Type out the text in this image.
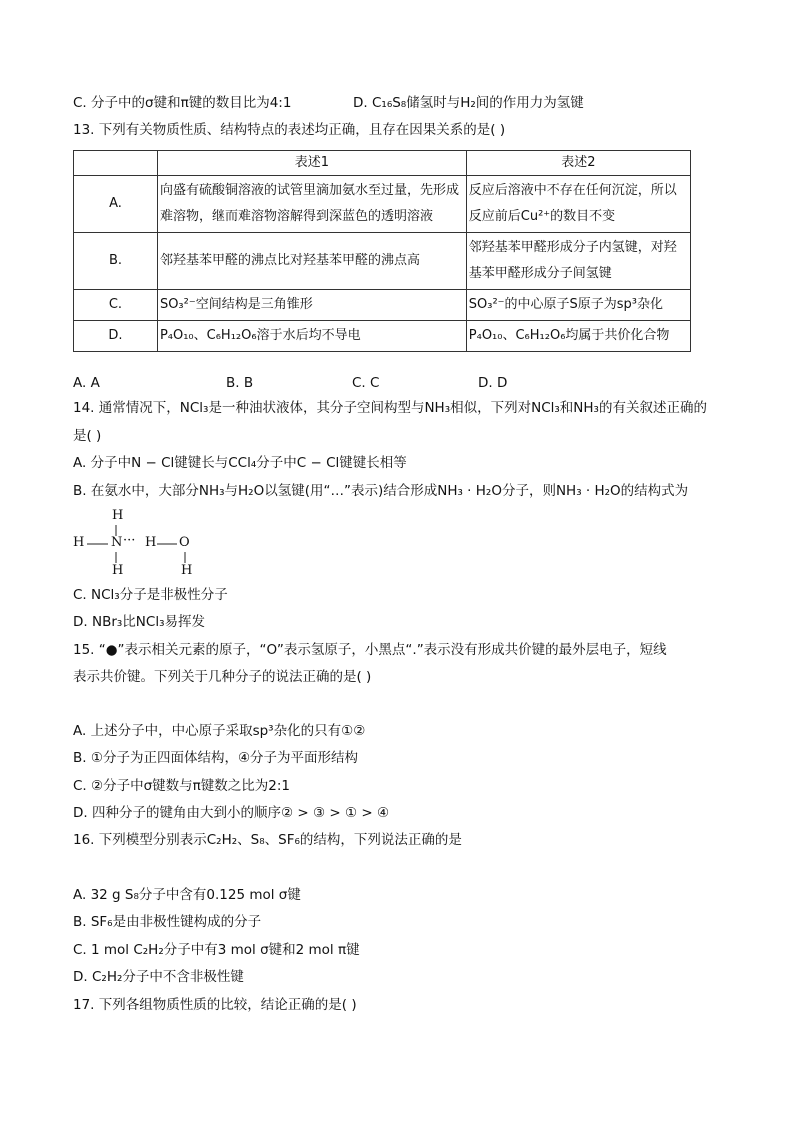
C. 分子中的σ键和π键的数目比为4:1	D. C₁₆S₈储氢时与H₂间的作用力为氢键
13. 下列有关物质性质、结构特点的表述均正确，且存在因果关系的是( )
	表述1	表述2
A.	向盛有硫酸铜溶液的试管里滴加氨水至过量，先形成难溶物，继而难溶物溶解得到深蓝色的透明溶液	反应后溶液中不存在任何沉淀，所以反应前后Cu²⁺的数目不变
B.	邻羟基苯甲醛的沸点比对羟基苯甲醛的沸点高	邻羟基苯甲醛形成分子内氢键，对羟基苯甲醛形成分子间氢键
C.	SO₃²⁻空间结构是三角锥形	SO₃²⁻的中心原子S原子为sp³杂化
D.	P₄O₁₀、C₆H₁₂O₆溶于水后均不导电	P₄O₁₀、C₆H₁₂O₆均属于共价化合物
A. A	B. B	C. C	D. D
14. 通常情况下，NCl₃是一种油状液体，其分子空间构型与NH₃相似，下列对NCl₃和NH₃的有关叙述正确的
是( )
A. 分子中N − Cl键键长与CCl₄分子中C − Cl键键长相等
B. 在氨水中，大部分NH₃与H₂O以氢键(用“…”表示)结合形成NH₃ · H₂O分子，则NH₃ · H₂O的结构式为
H
H N ··· H O
H	H
C. NCl₃分子是非极性分子
D. NBr₃比NCl₃易挥发
15. “●”表示相关元素的原子，“O”表示氢原子，小黑点“.”表示没有形成共价键的最外层电子，短线
表示共价键。下列关于几种分子的说法正确的是( )
A. 上述分子中，中心原子采取sp³杂化的只有①②
B. ①分子为正四面体结构，④分子为平面形结构
C. ②分子中σ键数与π键数之比为2:1
D. 四种分子的键角由大到小的顺序② > ③ > ① > ④
16. 下列模型分别表示C₂H₂、S₈、SF₆的结构，下列说法正确的是
A. 32 g S₈分子中含有0.125 mol σ键
B. SF₆是由非极性键构成的分子
C. 1 mol C₂H₂分子中有3 mol σ键和2 mol π键
D. C₂H₂分子中不含非极性键
17. 下列各组物质性质的比较，结论正确的是( )
